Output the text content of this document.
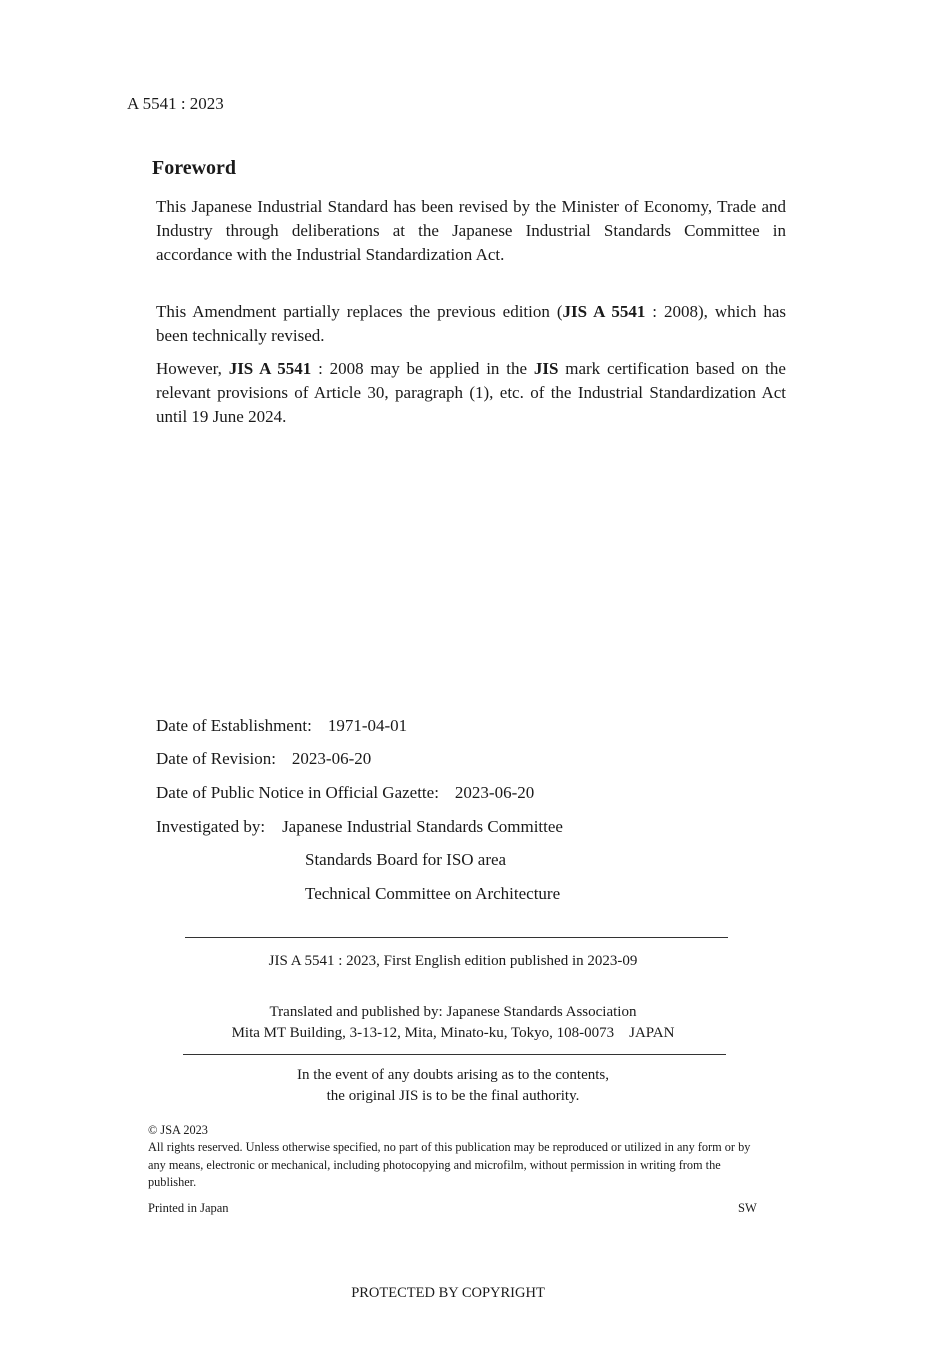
A 5541 : 2023
Foreword
This Japanese Industrial Standard has been revised by the Minister of Economy, Trade and Industry through deliberations at the Japanese Industrial Standards Committee in accordance with the Industrial Standardization Act.
This Amendment partially replaces the previous edition (JIS A 5541 : 2008), which has been technically revised.
However, JIS A 5541 : 2008 may be applied in the JIS mark certification based on the relevant provisions of Article 30, paragraph (1), etc. of the Industrial Standardization Act until 19 June 2024.
Date of Establishment: 1971-04-01
Date of Revision: 2023-06-20
Date of Public Notice in Official Gazette: 2023-06-20
Investigated by: Japanese Industrial Standards Committee
Standards Board for ISO area
Technical Committee on Architecture
JIS A 5541 : 2023, First English edition published in 2023-09
Translated and published by: Japanese Standards Association
Mita MT Building, 3-13-12, Mita, Minato-ku, Tokyo, 108-0073 JAPAN
In the event of any doubts arising as to the contents,
the original JIS is to be the final authority.
© JSA 2023
All rights reserved. Unless otherwise specified, no part of this publication may be reproduced or utilized in any form or by any means, electronic or mechanical, including photocopying and microfilm, without permission in writing from the publisher.
Printed in Japan	SW
PROTECTED BY COPYRIGHT
